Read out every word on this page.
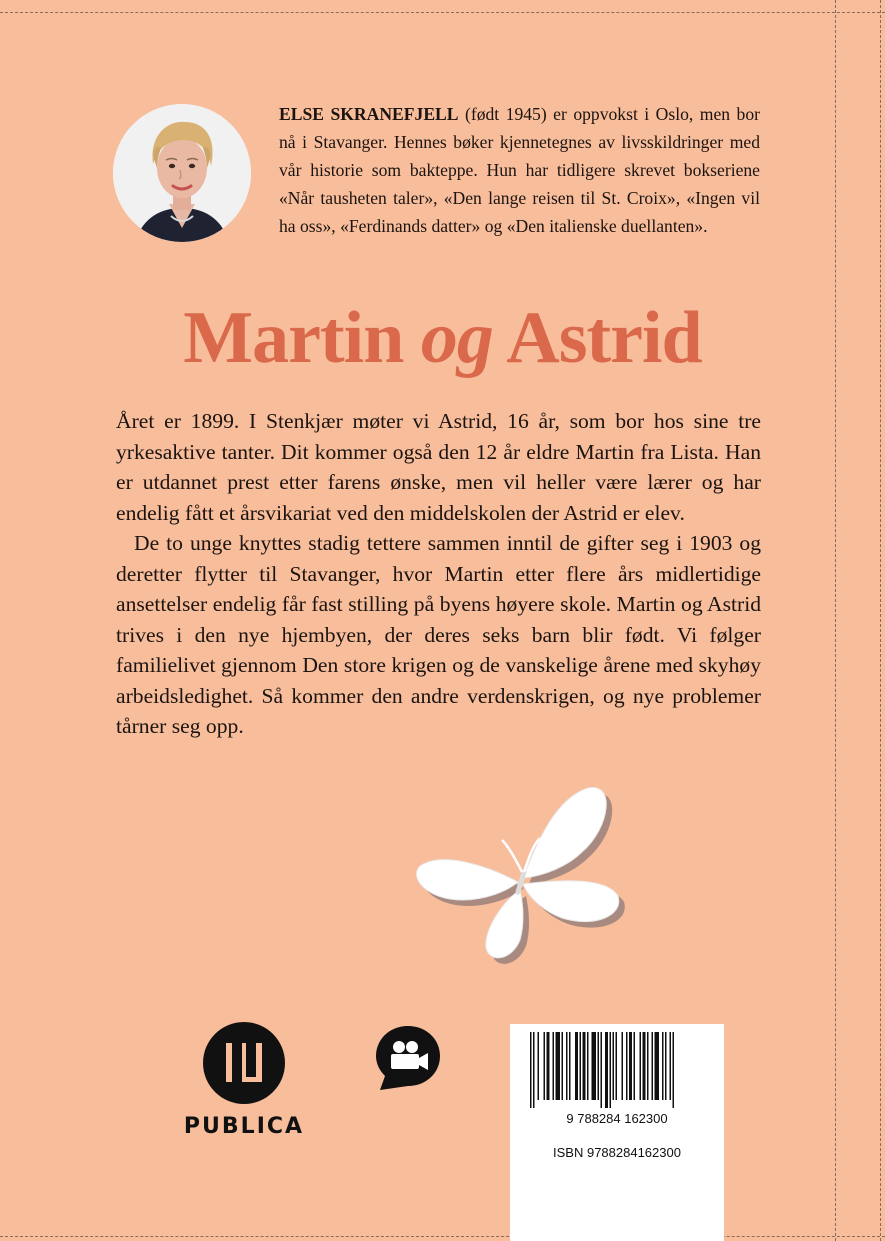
ELSE SKRANEFJELL (født 1945) er oppvokst i Oslo, men bor nå i Stavanger. Hennes bøker kjennetegnes av livsskildringer med vår historie som bakteppe. Hun har tidligere skrevet bokseriene «Når tausheten taler», «Den lange reisen til St. Croix», «Ingen vil ha oss», «Ferdinands datter» og «Den italienske duellanten».

Martin og Astrid

Året er 1899. I Stenkjær møter vi Astrid, 16 år, som bor hos sine tre yrkesaktive tanter. Dit kommer også den 12 år eldre Martin fra Lista. Han er utdannet prest etter farens ønske, men vil heller være lærer og har endelig fått et årsvikariat ved den middelskolen der Astrid er elev.

De to unge knyttes stadig tettere sammen inntil de gifter seg i 1903 og deretter flytter til Stavanger, hvor Martin etter flere års midlertidige ansettelser endelig får fast stilling på byens høyere skole. Martin og Astrid trives i den nye hjembyen, der deres seks barn blir født. Vi følger familielivet gjennom Den store krigen og de vanskelige årene med skyhøy arbeidsledighet. Så kommer den andre verdenskrigen, og nye problemer tårner seg opp.

PUBLICA	9 788284 162300
ISBN 9788284162300
